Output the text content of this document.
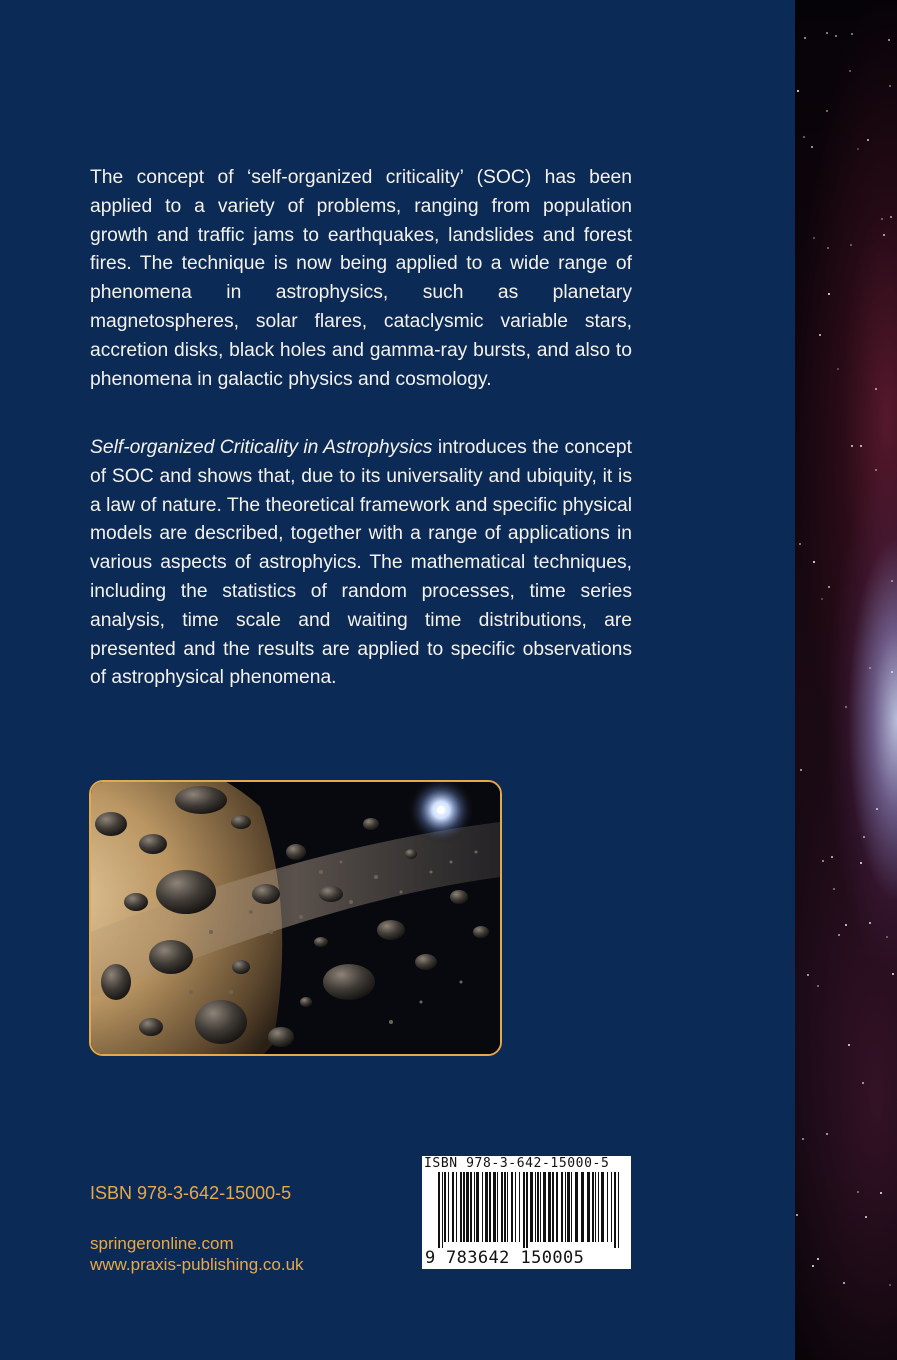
The concept of ‘self-organized criticality’ (SOC) has been applied to a variety of problems, ranging from population growth and traffic jams to earthquakes, landslides and forest fires. The technique is now being applied to a wide range of phenomena in astrophysics, such as planetary magnetospheres, solar flares, cataclysmic variable stars, accretion disks, black holes and gamma-ray bursts, and also to phenomena in galactic physics and cosmology.

Self-organized Criticality in Astrophysics introduces the concept of SOC and shows that, due to its universality and ubiquity, it is a law of nature. The theoretical framework and specific physical models are described, together with a range of applications in various aspects of astrophyics. The mathematical techniques, including the statistics of random processes, time series analysis, time scale and waiting time distributions, are presented and the results are applied to specific observations of astrophysical phenomena.

ISBN 978-3-642-15000-5

springeronline.com

www.praxis-publishing.co.uk

ISBN 978-3-642-15000-5
9 783642 150005
